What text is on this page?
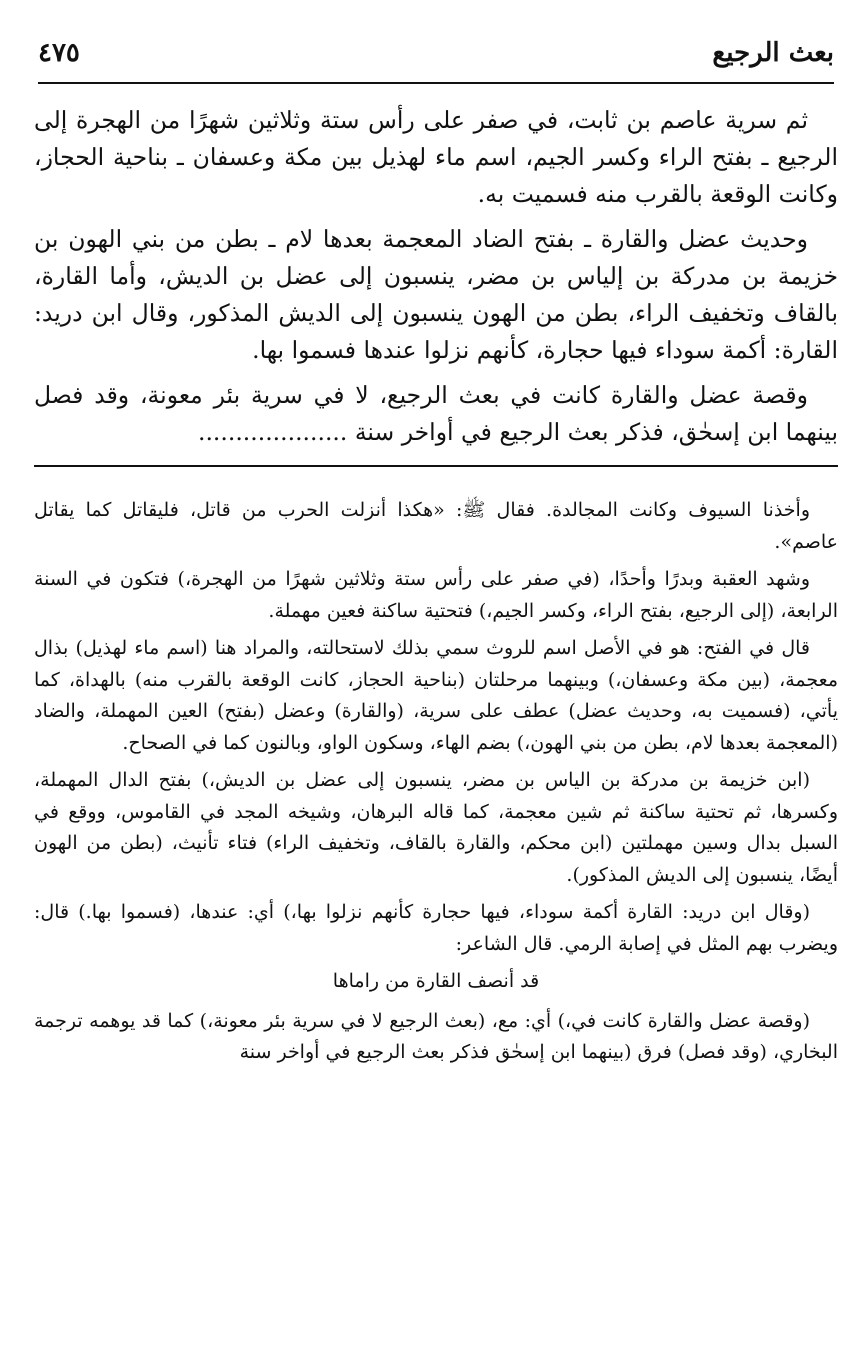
بعث الرجيع
٤٧٥

ثم سرية عاصم بن ثابت، في صفر على رأس ستة وثلاثين شهرًا من الهجرة إلى الرجيع ـ بفتح الراء وكسر الجيم، اسم ماء لهذيل بين مكة وعسفان ـ بناحية الحجاز، وكانت الوقعة بالقرب منه فسميت به.

وحديث عضل والقارة ـ بفتح الضاد المعجمة بعدها لام ـ بطن من بني الهون بن خزيمة بن مدركة بن إلياس بن مضر، ينسبون إلى عضل بن الديش، وأما القارة، بالقاف وتخفيف الراء، بطن من الهون ينسبون إلى الديش المذكور، وقال ابن دريد: القارة: أكمة سوداء فيها حجارة، كأنهم نزلوا عندها فسموا بها.

وقصة عضل والقارة كانت في بعث الرجيع، لا في سرية بئر معونة، وقد فصل بينهما ابن إسحٰق، فذكر بعث الرجيع في أواخر سنة ....................

وأخذنا السيوف وكانت المجالدة. فقال ﷺ: «هكذا أنزلت الحرب من قاتل، فليقاتل كما يقاتل عاصم».

وشهد العقبة وبدرًا وأحدًا، (في صفر على رأس ستة وثلاثين شهرًا من الهجرة،) فتكون في السنة الرابعة، (إلى الرجيع، بفتح الراء، وكسر الجيم،) فتحتية ساكنة فعين مهملة.

قال في الفتح: هو في الأصل اسم للروث سمي بذلك لاستحالته، والمراد هنا (اسم ماء لهذيل) بذال معجمة، (بين مكة وعسفان،) وبينهما مرحلتان (بناحية الحجاز، كانت الوقعة بالقرب منه) بالهداة، كما يأتي، (فسميت به، وحديث عضل) عطف على سرية، (والقارة) وعضل (بفتح) العين المهملة، والضاد (المعجمة بعدها لام، بطن من بني الهون،) بضم الهاء، وسكون الواو، وبالنون كما في الصحاح.

(ابن خزيمة بن مدركة بن الياس بن مضر، ينسبون إلى عضل بن الديش،) بفتح الدال المهملة، وكسرها، ثم تحتية ساكنة ثم شين معجمة، كما قاله البرهان، وشيخه المجد في القاموس، ووقع في السبل بدال وسين مهملتين (ابن محكم، والقارة بالقاف، وتخفيف الراء) فتاء تأنيث، (بطن من الهون أيضًا، ينسبون إلى الديش المذكور).

(وقال ابن دريد: القارة أكمة سوداء، فيها حجارة كأنهم نزلوا بها،) أي: عندها، (فسموا بها.) قال: ويضرب بهم المثل في إصابة الرمي. قال الشاعر:

قد أنصف القارة من راماها

(وقصة عضل والقارة كانت في،) أي: مع، (بعث الرجيع لا في سرية بئر معونة،) كما قد يوهمه ترجمة البخاري، (وقد فصل) فرق (بينهما ابن إسحٰق فذكر بعث الرجيع في أواخر سنة
